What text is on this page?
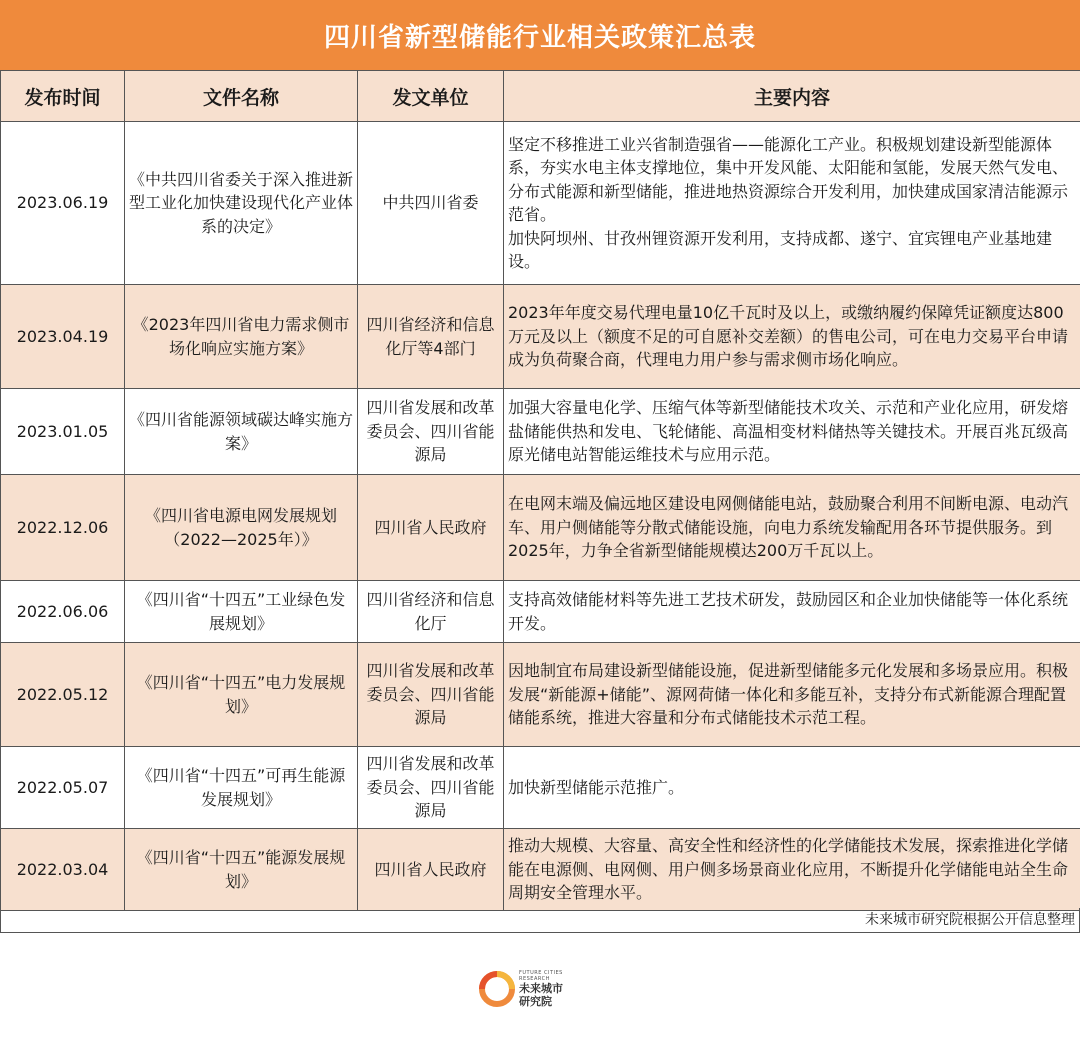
四川省新型储能行业相关政策汇总表
发布时间	文件名称	发文单位	主要内容
2023.06.19	《中共四川省委关于深入推进新型工业化加快建设现代化产业体系的决定》	中共四川省委	坚定不移推进工业兴省制造强省——能源化工产业。积极规划建设新型能源体系，夯实水电主体支撑地位，集中开发风能、太阳能和氢能，发展天然气发电、分布式能源和新型储能，推进地热资源综合开发利用，加快建成国家清洁能源示范省。
加快阿坝州、甘孜州锂资源开发利用，支持成都、遂宁、宜宾锂电产业基地建设。

2023.04.19	《2023年四川省电力需求侧市场化响应实施方案》	四川省经济和信息化厅等4部门	2023年年度交易代理电量10亿千瓦时及以上，或缴纳履约保障凭证额度达800万元及以上（额度不足的可自愿补交差额）的售电公司，可在电力交易平台申请成为负荷聚合商，代理电力用户参与需求侧市场化响应。

2023.01.05	《四川省能源领域碳达峰实施方案》	四川省发展和改革委员会、四川省能源局	加强大容量电化学、压缩气体等新型储能技术攻关、示范和产业化应用，研发熔盐储能供热和发电、飞轮储能、高温相变材料储热等关键技术。开展百兆瓦级高原光储电站智能运维技术与应用示范。

2022.12.06	《四川省电源电网发展规划（2022—2025年）》	四川省人民政府	在电网末端及偏远地区建设电网侧储能电站，鼓励聚合利用不间断电源、电动汽车、用户侧储能等分散式储能设施，向电力系统发输配用各环节提供服务。到2025年，力争全省新型储能规模达200万千瓦以上。

2022.06.06	《四川省“十四五”工业绿色发展规划》	四川省经济和信息化厅	支持高效储能材料等先进工艺技术研发，鼓励园区和企业加快储能等一体化系统开发。

2022.05.12	《四川省“十四五”电力发展规划》	四川省发展和改革委员会、四川省能源局	因地制宜布局建设新型储能设施，促进新型储能多元化发展和多场景应用。积极发展“新能源+储能”、源网荷储一体化和多能互补，支持分布式新能源合理配置储能系统，推进大容量和分布式储能技术示范工程。

2022.05.07	《四川省“十四五”可再生能源发展规划》	四川省发展和改革委员会、四川省能源局	加快新型储能示范推广。

2022.03.04	《四川省“十四五”能源发展规划》	四川省人民政府	推动大规模、大容量、高安全性和经济性的化学储能技术发展，探索推进化学储能在电源侧、电网侧、用户侧多场景商业化应用，不断提升化学储能电站全生命周期安全管理水平。
未来城市研究院根据公开信息整理
FUTURE CITIES
RESEARCH
未来城市
研究院
